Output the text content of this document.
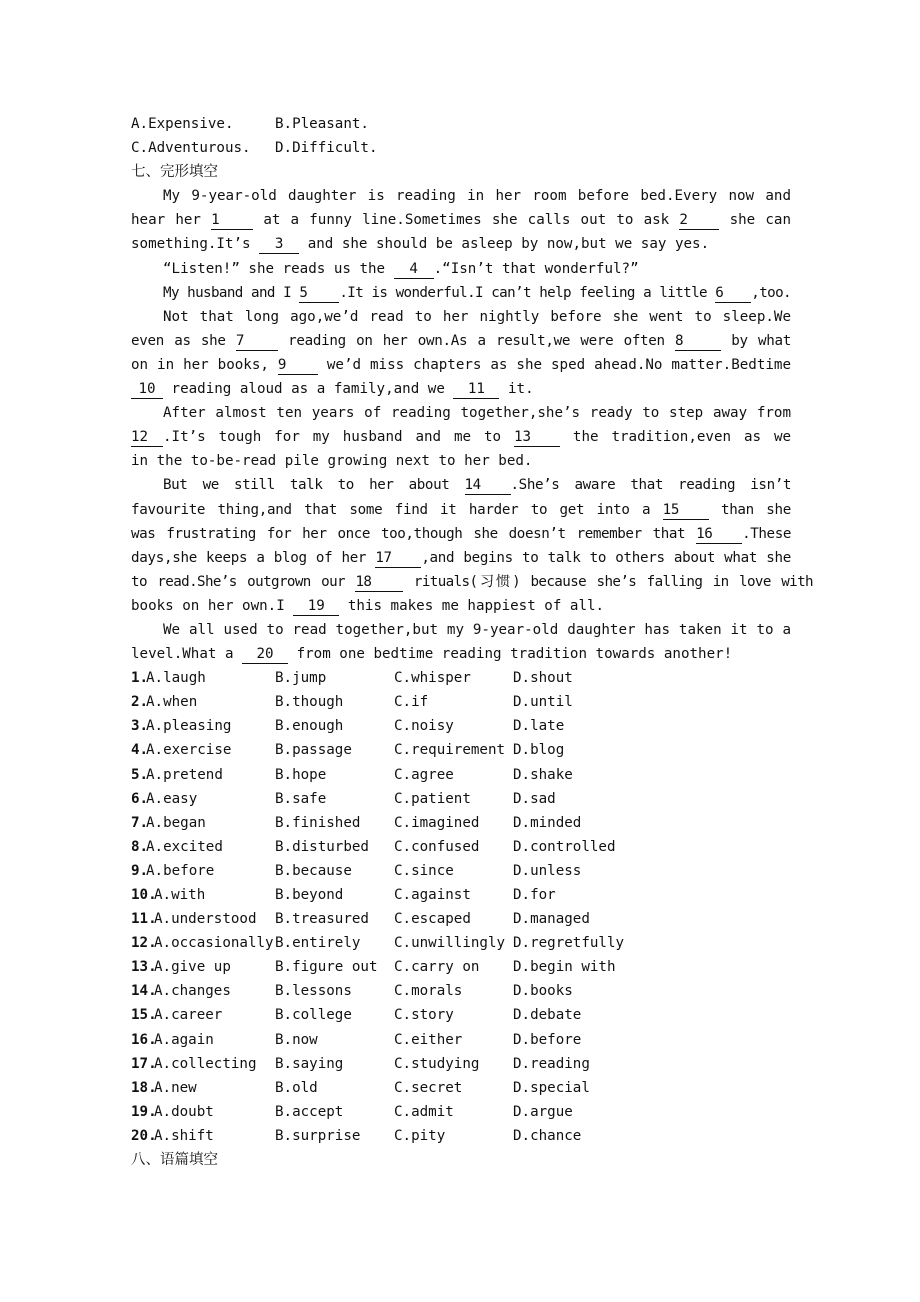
A.Expensive.	B.Pleasant.
C.Adventurous. D.Difficult.
七、完形填空
My 9-year-old daughter is reading in her room before bed.Every now and
hear her 1	at a funny line.Sometimes she calls out to ask 2	she can
something.It’s 3 and she should be asleep by now,but we say yes.
“Listen!” she reads us the 4 .“Isn’t that wonderful?”
My husband and I 5 .It is wonderful.I can’t help feeling a little 6 ,too.
Not that long ago,we’d read to her nightly before she went to sleep.We
even as she 7	reading on her own.As a result,we were often 8	by what
on in her books, 9	we’d miss chapters as she sped ahead.No matter.Bedtime
10 reading aloud as a family,and we 11 it.
After almost ten years of reading together,she’s ready to step away from
12 .It’s tough for my husband and me to 13	the tradition,even as we
in the to-be-read pile growing next to her bed.
But we still talk to her about 14 .She’s aware that reading isn’t
favourite thing,and that some find it harder to get into a 15	than she
was frustrating for her once too,though she doesn’t remember that 16 .These
days,she keeps a blog of her 17 ,and begins to talk to others about what she
to read.She’s outgrown our 18	rituals(习惯) because she’s falling in love with
books on her own.I 19 this makes me happiest of all.
We all used to read together,but my 9-year-old daughter has taken it to a
level.What a 20 from one bedtime reading tradition towards another!
1.
A.laugh	B.jump	C.whisper	D.shout
2.
A.when	B.though	C.if	D.until
3.
A.pleasing	B.enough	C.noisy	D.late
4.
A.exercise	B.passage	C.requirement D.blog
5.
A.pretend	B.hope	C.agree	D.shake
6.
A.easy	B.safe	C.patient	D.sad
7.
A.began	B.finished C.imagined D.minded
8.
A.excited	B.disturbed C.confused D.controlled
9.
A.before	B.because	C.since	D.unless
10.
A.with	B.beyond	C.against	D.for
11.
A.understood B.treasured C.escaped	D.managed
12.
A.occasionally B.entirely C.unwillingly D.regretfully
13.
A.give up	B.figure out C.carry on D.begin with
14.
A.changes	B.lessons	C.morals	D.books
15.
A.career	B.college	C.story	D.debate
16.
A.again	B.now	C.either	D.before
17.
A.collecting B.saying	C.studying D.reading
18.
A.new	B.old	C.secret	D.special
19.
A.doubt	B.accept	C.admit	D.argue
20.
A.shift	B.surprise C.pity	D.chance
八、语篇填空
